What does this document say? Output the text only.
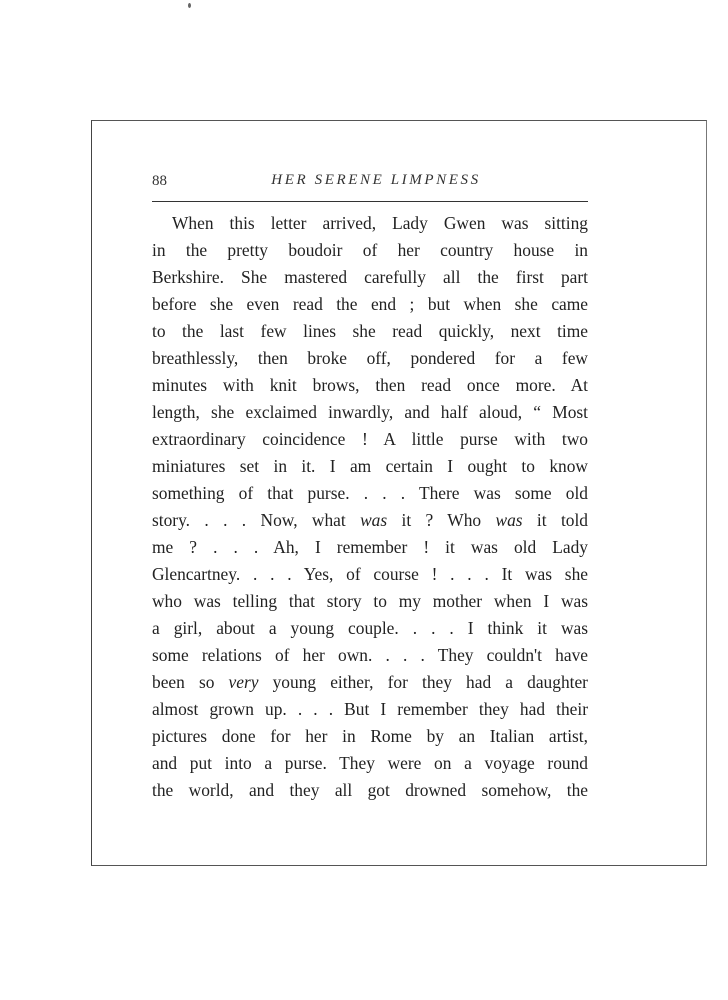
88	HER SERENE LIMPNESS
When this letter arrived, Lady Gwen was sitting
in the pretty boudoir of her country house in
Berkshire. She mastered carefully all the first part
before she even read the end ; but when she came
to the last few lines she read quickly, next time
breathlessly, then broke off, pondered for a few
minutes with knit brows, then read once more. At
length, she exclaimed inwardly, and half aloud, “ Most
extraordinary coincidence ! A little purse with two
miniatures set in it. I am certain I ought to know
something of that purse. . . . There was some old
story. . . . Now, what was it ? Who was it told
me ? . . . Ah, I remember ! it was old Lady
Glencartney. . . . Yes, of course ! . . . It was she
who was telling that story to my mother when I was
a girl, about a young couple. . . . I think it was
some relations of her own. . . . They couldn't have
been so very young either, for they had a daughter
almost grown up. . . . But I remember they had their
pictures done for her in Rome by an Italian artist,
and put into a purse. They were on a voyage round
the world, and they all got drowned somehow, the
